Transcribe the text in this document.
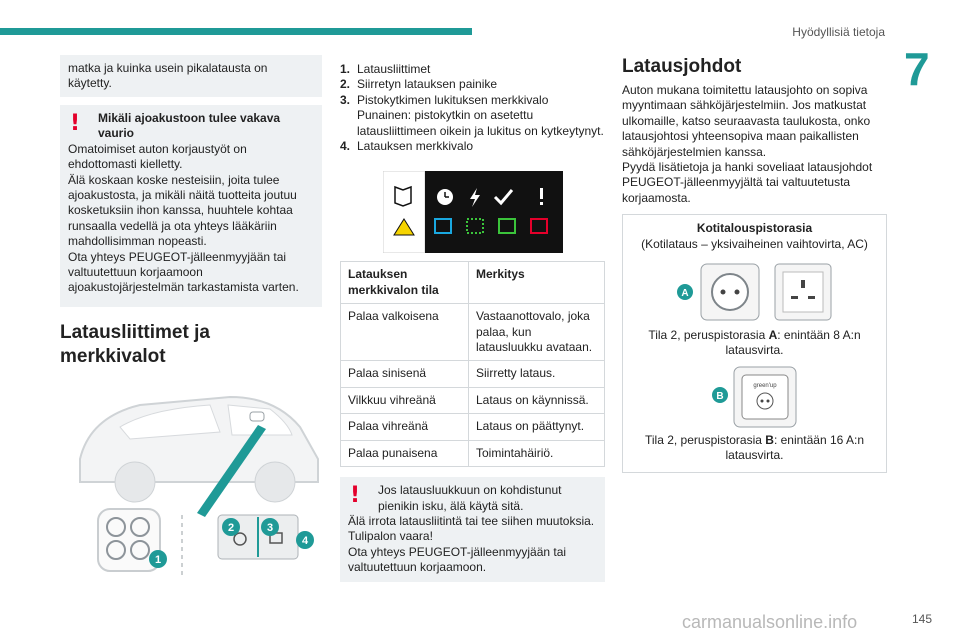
Hyödyllisiä tietoja
7
matka ja kuinka usein pikalatausta on käytetty.
!	Mikäli ajoakustoon tulee vakava vaurio
Omatoimiset auton korjaustyöt on ehdottomasti kielletty.
Älä koskaan koske nesteisiin, joita tulee ajoakustosta, ja mikäli näitä tuotteita joutuu kosketuksiin ihon kanssa, huuhtele kohtaa runsaalla vedellä ja ota yhteys lääkäriin mahdollisimman nopeasti.
Ota yhteys PEUGEOT-jälleenmyyjään tai valtuutettuun korjaamoon ajoakustojärjestelmän tarkastamista varten.
Latausliittimet ja merkkivalot
1
2	3
4
1. Latausliittimet
2. Siirretyn latauksen painike
3. Pistokytkimen lukituksen merkkivalo
Punainen: pistokytkin on asetettu latausliittimeen oikein ja lukitus on kytkeytynyt.
4. Latauksen merkkivalo
Latauksen merkkivalon tila	Merkitys
Palaa valkoisena	Vastaanottovalo, joka palaa, kun latausluukku avataan.
Palaa sinisenä	Siirretty lataus.
Vilkkuu vihreänä	Lataus on käynnissä.
Palaa vihreänä	Lataus on päättynyt.
Palaa punaisena	Toimintahäiriö.
!	Jos latausluukkuun on kohdistunut pienikin isku, älä käytä sitä.
Älä irrota latausliitintä tai tee siihen muutoksia. Tulipalon vaara!
Ota yhteys PEUGEOT-jälleenmyyjään tai valtuutettuun korjaamoon.
Latausjohdot
Auton mukana toimitettu latausjohto on sopiva myyntimaan sähköjärjestelmiin. Jos matkustat ulkomaille, katso seuraavasta taulukosta, onko latausjohtosi yhteensopiva maan paikallisten sähköjärjestelmien kanssa.
Pyydä lisätietoja ja hanki soveliaat latausjohdot PEUGEOT-jälleenmyyjältä tai valtuutetusta korjaamosta.
Kotitalouspistorasia
(Kotilataus – yksivaiheinen vaihtovirta, AC)
A
Tila 2, peruspistorasia A: enintään 8 A:n latausvirta.
B
green'up
Tila 2, peruspistorasia B: enintään 16 A:n latausvirta.
carmanualsonline.info	145
